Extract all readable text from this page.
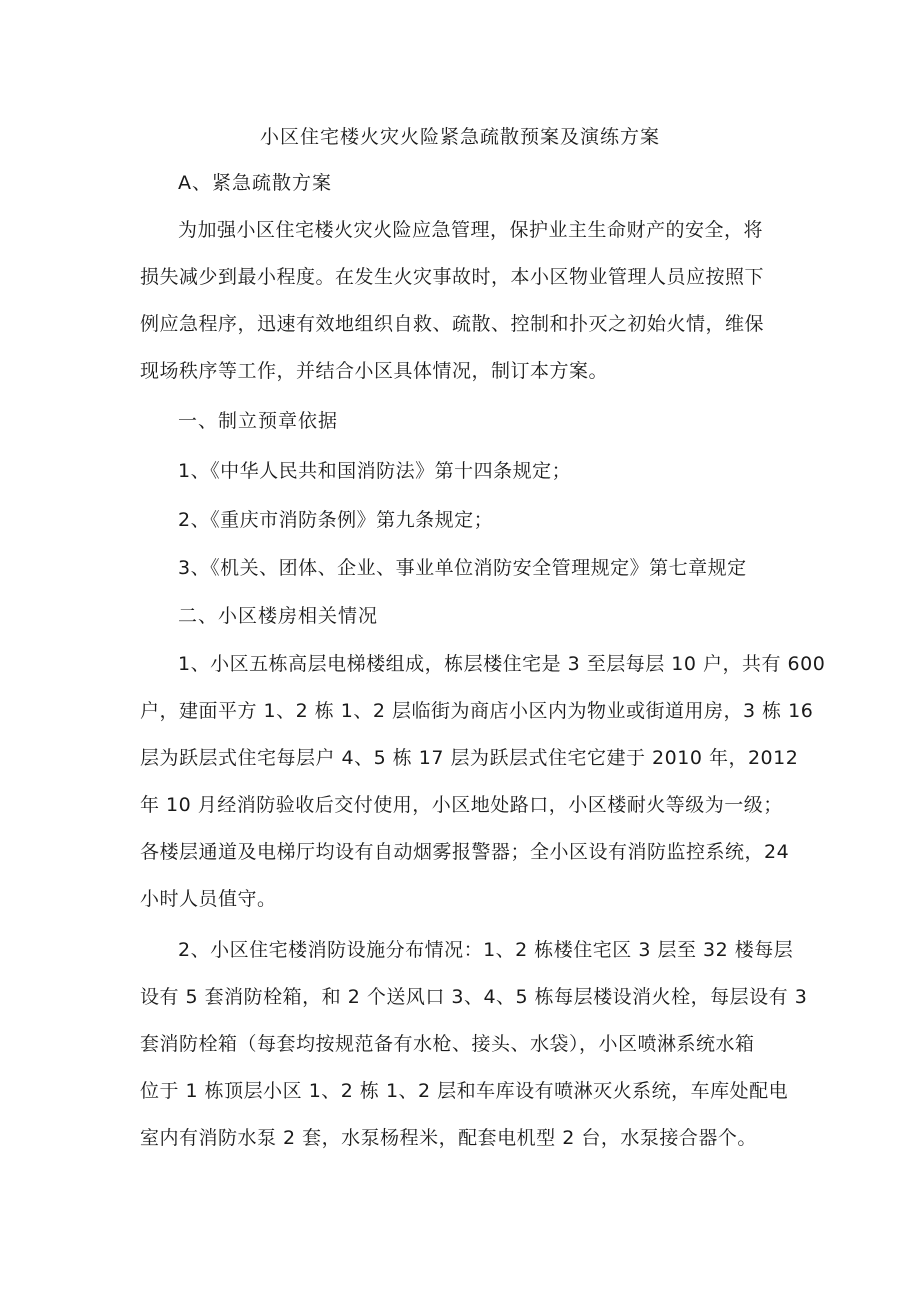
小区住宅楼火灾火险紧急疏散预案及演练方案
A、紧急疏散方案
为加强小区住宅楼火灾火险应急管理，保护业主生命财产的安全，将
损失减少到最小程度。在发生火灾事故时，本小区物业管理人员应按照下
例应急程序，迅速有效地组织自救、疏散、控制和扑灭之初始火情，维保
现场秩序等工作，并结合小区具体情况，制订本方案。
一、制立预章依据
1、《中华人民共和国消防法》第十四条规定；
2、《重庆市消防条例》第九条规定；
3、《机关、团体、企业、事业单位消防安全管理规定》第七章规定
二、小区楼房相关情况
1、小区五栋高层电梯楼组成，栋层楼住宅是 3 至层每层 10 户，共有 600
户，建面平方 1、2 栋 1、2 层临街为商店小区内为物业或街道用房，3 栋 16
层为跃层式住宅每层户 4、5 栋 17 层为跃层式住宅它建于 2010 年，2012
年 10 月经消防验收后交付使用，小区地处路口，小区楼耐火等级为一级；
各楼层通道及电梯厅均设有自动烟雾报警器；全小区设有消防监控系统，24
小时人员值守。
2、小区住宅楼消防设施分布情况：1、2 栋楼住宅区 3 层至 32 楼每层
设有 5 套消防栓箱，和 2 个送风口 3、4、5 栋每层楼设消火栓，每层设有 3
套消防栓箱（每套均按规范备有水枪、接头、水袋），小区喷淋系统水箱
位于 1 栋顶层小区 1、2 栋 1、2 层和车库设有喷淋灭火系统，车库处配电
室内有消防水泵 2 套，水泵杨程米，配套电机型 2 台，水泵接合器个。
